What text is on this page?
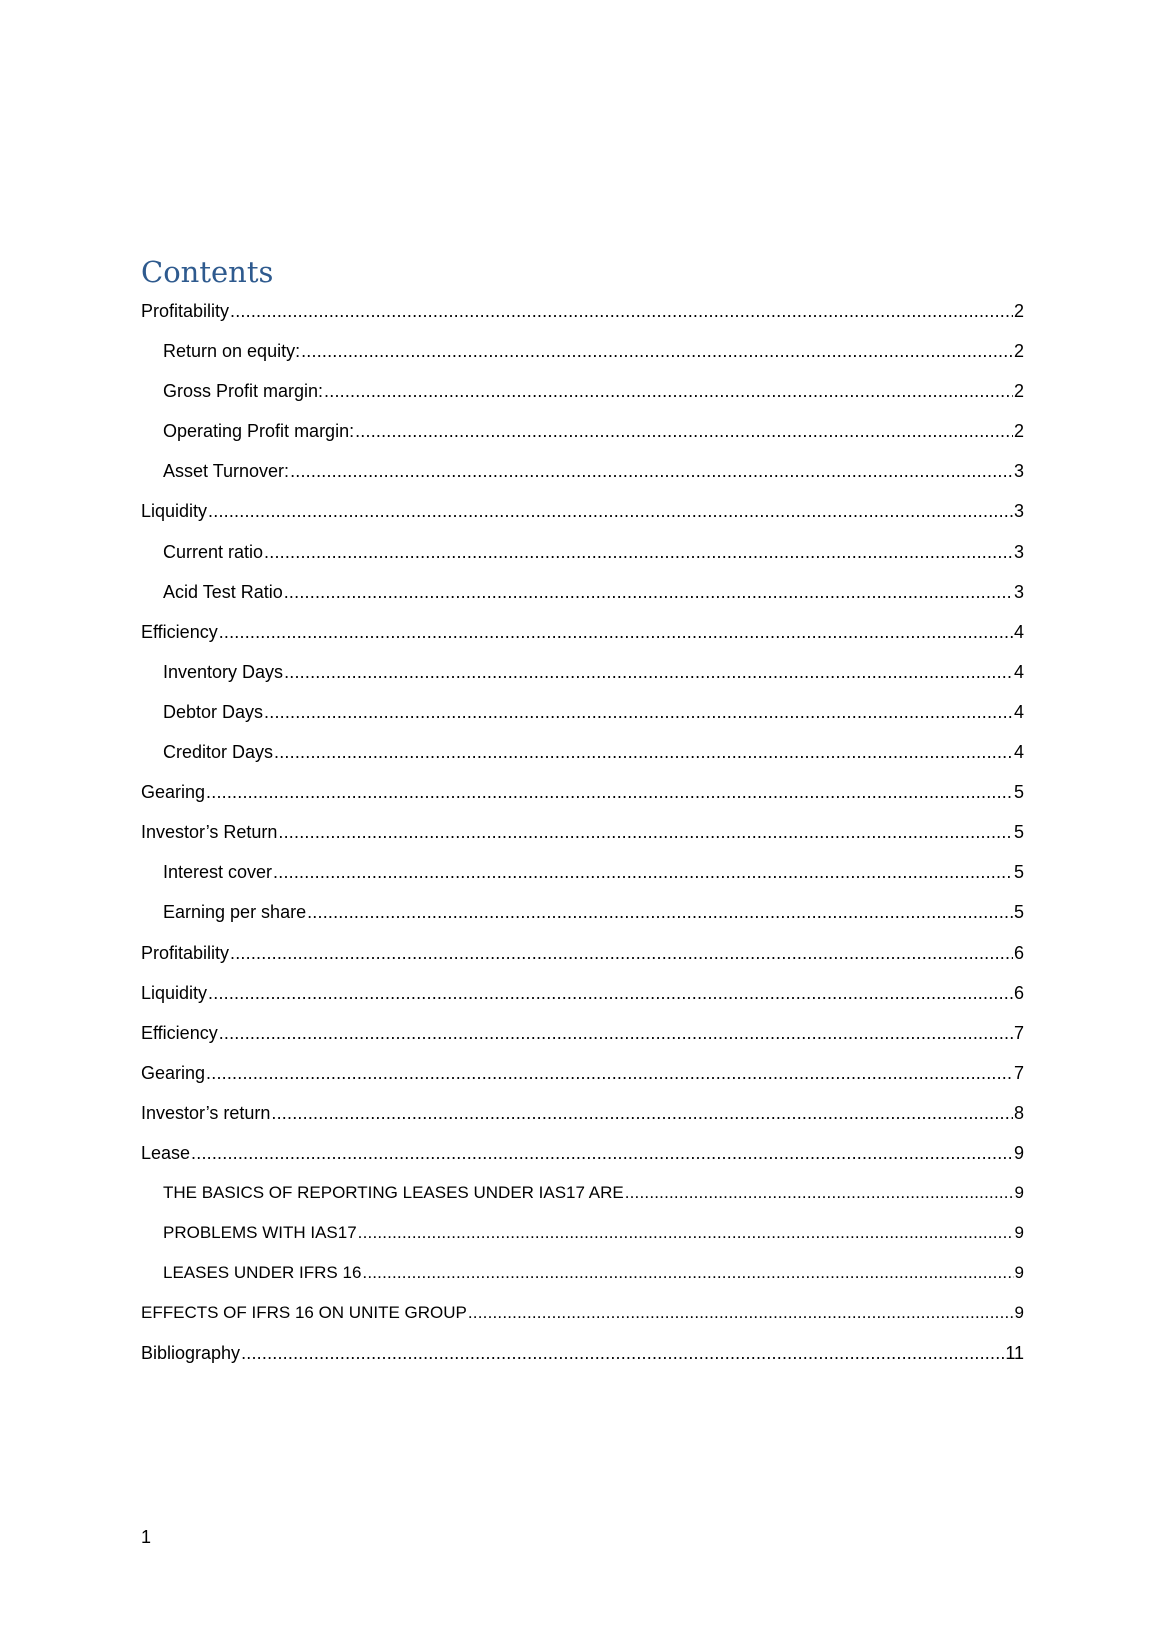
Contents
Profitability .....	2
Return on equity: .....	2
Gross Profit margin: .....	2
Operating Profit margin: .....	2
Asset Turnover: .....	3
Liquidity .....	3
Current ratio .....	3
Acid Test Ratio .....	3
Efficiency .....	4
Inventory Days .....	4
Debtor Days .....	4
Creditor Days .....	4
Gearing .....	5
Investor’s Return .....	5
Interest cover .....	5
Earning per share .....	5
Profitability .....	6
Liquidity .....	6
Efficiency .....	7
Gearing .....	7
Investor’s return .....	8
Lease .....	9
THE BASICS OF REPORTING LEASES UNDER IAS17 ARE .....	9
PROBLEMS WITH IAS17 .....	9
LEASES UNDER IFRS 16 .....	9
EFFECTS OF IFRS 16 ON UNITE GROUP .....	9
Bibliography .....	11
1
